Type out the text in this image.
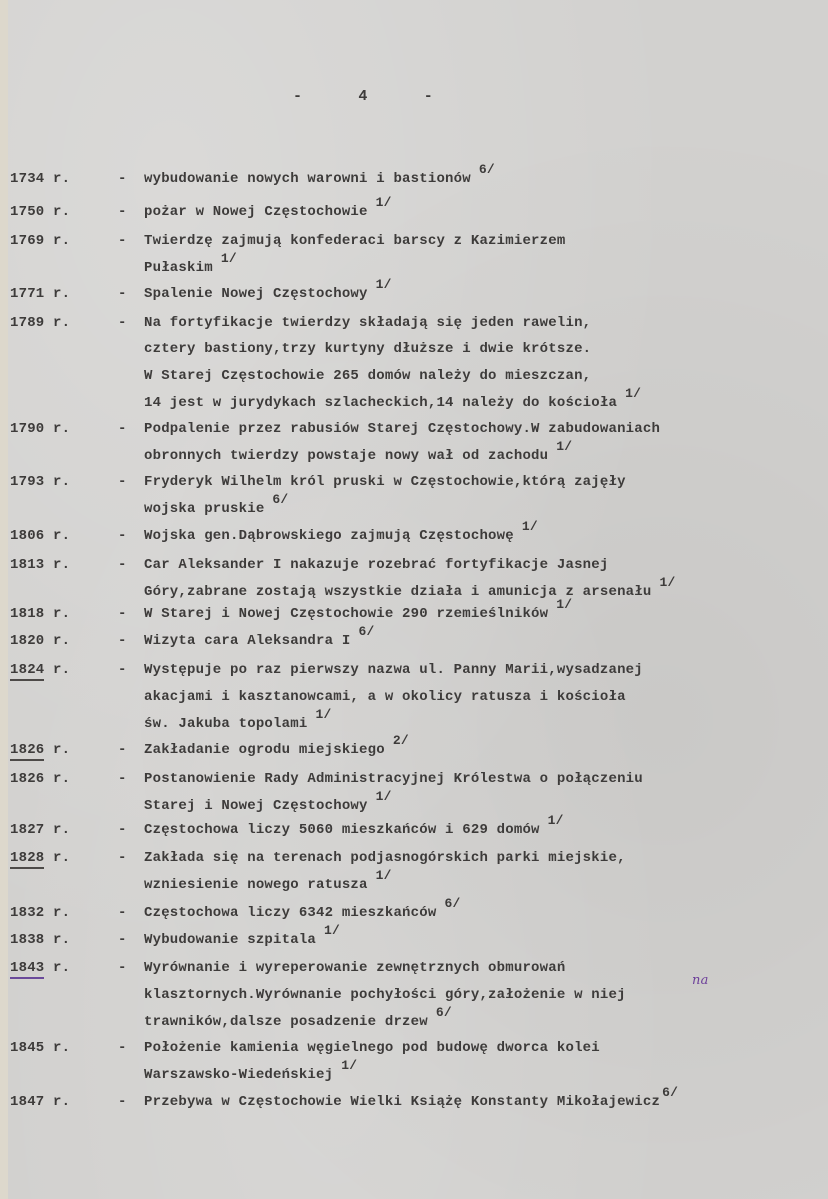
-	4	-
1734 r.	- wybudowanie nowych warowni i bastionów6/
1750 r.	- pożar w Nowej Częstochowie1/
1769 r.	- Twierdzę zajmują konfederaci barscy z Kazimierzem
Pułaskim1/
1771 r.	- Spalenie Nowej Częstochowy1/
1789 r.	- Na fortyfikacje twierdzy składają się jeden rawelin,
cztery bastiony,trzy kurtyny dłuższe i dwie krótsze.
W Starej Częstochowie 265 domów należy do mieszczan,
14 jest w jurydykach szlacheckich,14 należy do kościoła1/
1790 r.	- Podpalenie przez rabusiów Starej Częstochowy.W zabudowaniach
obronnych twierdzy powstaje nowy wał od zachodu1/
1793 r.	- Fryderyk Wilhelm król pruski w Częstochowie,którą zajęły
wojska pruskie6/
1806 r.	- Wojska gen.Dąbrowskiego zajmują Częstochowę1/
1813 r.	- Car Aleksander I nakazuje rozebrać fortyfikacje Jasnej
Góry,zabrane zostają wszystkie działa i amunicja z arsenału1/
1818 r.	- W Starej i Nowej Częstochowie 290 rzemieślników1/
1820 r.	- Wizyta cara Aleksandra I6/
1824 r.	- Występuje po raz pierwszy nazwa ul. Panny Marii,wysadzanej
akacjami i kasztanowcami, a w okolicy ratusza i kościoła
św. Jakuba topolami1/
1826 r.	- Zakładanie ogrodu miejskiego2/
1826 r.	- Postanowienie Rady Administracyjnej Królestwa o połączeniu
Starej i Nowej Częstochowy1/
1827 r.	- Częstochowa liczy 5060 mieszkańców i 629 domów1/
1828 r.	- Zakłada się na terenach podjasnogórskich parki miejskie,
wzniesienie nowego ratusza1/
1832 r.	- Częstochowa liczy 6342 mieszkańców6/
1838 r.	- Wybudowanie szpitala1/
1843 r.	- Wyrównanie i wyreperowanie zewnętrznych obmurowań
klasztornych.Wyrównanie pochyłości góry,założenie w niej
na
trawników,dalsze posadzenie drzew6/
1845 r.	- Położenie kamienia węgielnego pod budowę dworca kolei
Warszawsko-Wiedeńskiej1/
1847 r.	- Przebywa w Częstochowie Wielki Książę Konstanty Mikołajewicz6/
